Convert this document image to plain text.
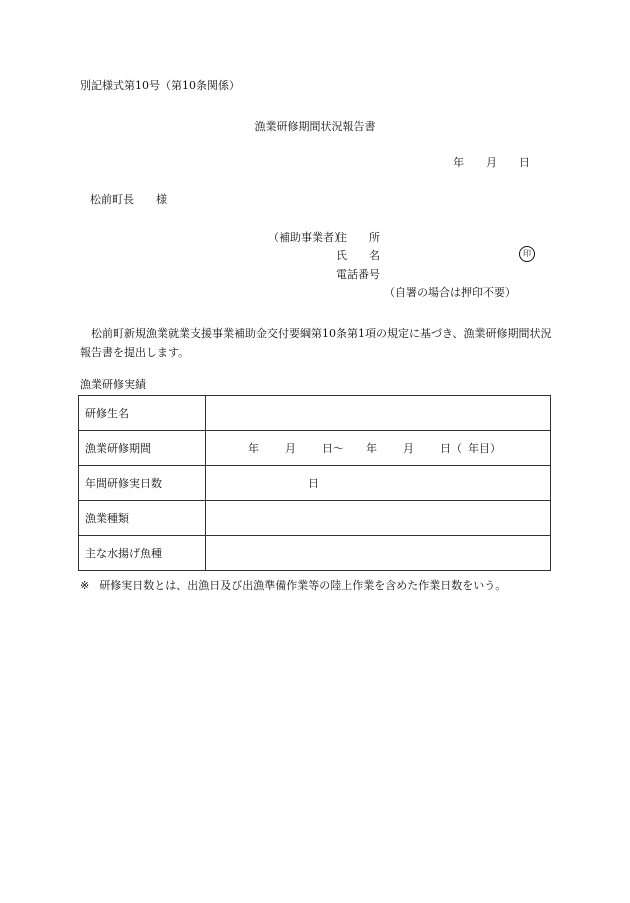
別記様式第10号（第10条関係）
漁業研修期間状況報告書
年 月 日
松前町長 様
（補助事業者）住　　所
氏　　名	印
電話番号
（自署の場合は押印不要）
松前町新規漁業就業支援事業補助金交付要綱第10条第1項の規定に基づき、漁業研修期間状況報告書を提出します。
漁業研修実績
研修生名	
漁業研修期間	年 月 日～ 年 月 日（ 年目）
年間研修実日数	日
漁業種類	
主な水揚げ魚種	
※ 研修実日数とは、出漁日及び出漁準備作業等の陸上作業を含めた作業日数をいう。
